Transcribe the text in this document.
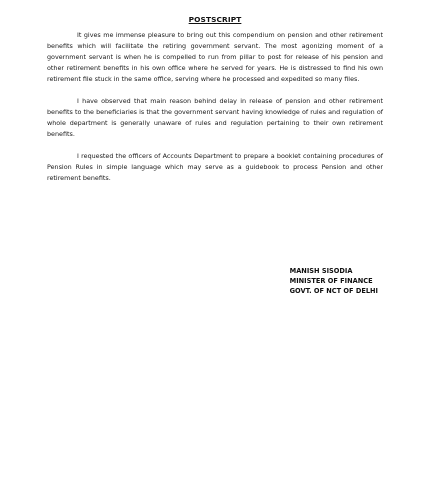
POSTSCRIPT

It gives me immense pleasure to bring out this compendium on pension and other retirement benefits which will facilitate the retiring government servant. The most agonizing moment of a government servant is when he is compelled to run from pillar to post for release of his pension and other retirement benefits in his own office where he served for years. He is distressed to find his own retirement file stuck in the same office, serving where he processed and expedited so many files.

I have observed that main reason behind delay in release of pension and other retirement benefits to the beneficiaries is that the government servant having knowledge of rules and regulation of whole department is generally unaware of rules and regulation pertaining to their own retirement benefits.

I requested the officers of Accounts Department to prepare a booklet containing procedures of Pension Rules in simple language which may serve as a guidebook to process Pension and other retirement benefits.

MANISH SISODIA
MINISTER OF FINANCE
GOVT. OF NCT OF DELHI
